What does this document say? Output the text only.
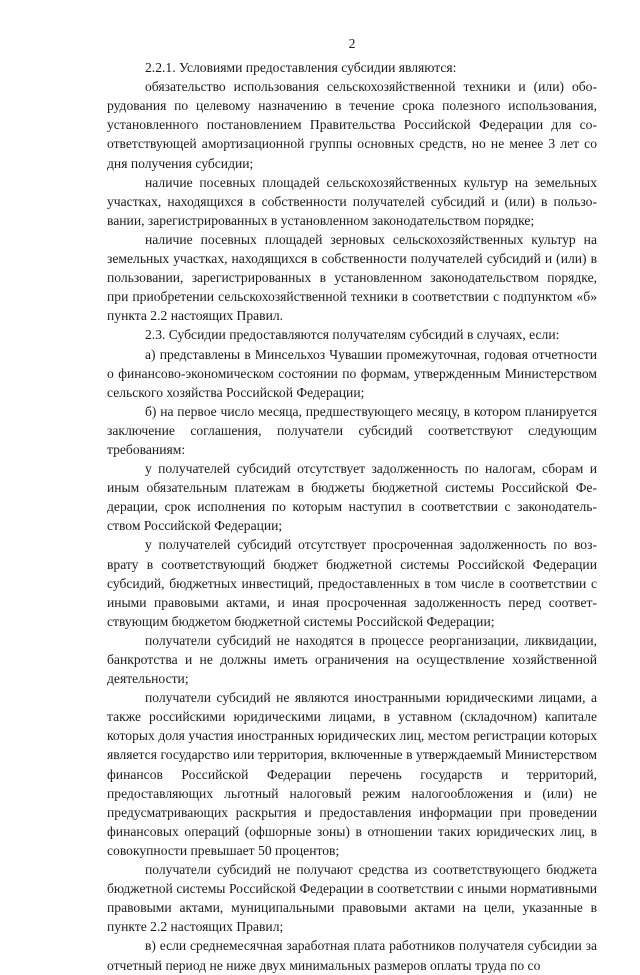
2

2.2.1. Условиями предоставления субсидии являются:

обязательство использования сельскохозяйственной техники и (или) оборудования по целевому назначению в течение срока полезного использования, установленного постановлением Правительства Российской Федерации для соответствующей амортизационной группы основных средств, но не менее 3 лет со дня получения субсидии;

наличие посевных площадей сельскохозяйственных культур на земельных участках, находящихся в собственности получателей субсидий и (или) в пользовании, зарегистрированных в установленном законодательством порядке;

наличие посевных площадей зерновых сельскохозяйственных культур на земельных участках, находящихся в собственности получателей субсидий и (или) в пользовании, зарегистрированных в установленном законодательством порядке, при приобретении сельскохозяйственной техники в соответствии с подпунктом «б» пункта 2.2 настоящих Правил.

2.3. Субсидии предоставляются получателям субсидий в случаях, если:

а) представлены в Минсельхоз Чувашии промежуточная, годовая отчетности о финансово-экономическом состоянии по формам, утвержденным Министерством сельского хозяйства Российской Федерации;

б) на первое число месяца, предшествующего месяцу, в котором планируется заключение соглашения, получатели субсидий соответствуют следующим требованиям:

у получателей субсидий отсутствует задолженность по налогам, сборам и иным обязательным платежам в бюджеты бюджетной системы Российской Федерации, срок исполнения по которым наступил в соответствии с законодательством Российской Федерации;

у получателей субсидий отсутствует просроченная задолженность по возврату в соответствующий бюджет бюджетной системы Российской Федерации субсидий, бюджетных инвестиций, предоставленных в том числе в соответствии с иными правовыми актами, и иная просроченная задолженность перед соответствующим бюджетом бюджетной системы Российской Федерации;

получатели субсидий не находятся в процессе реорганизации, ликвидации, банкротства и не должны иметь ограничения на осуществление хозяйственной деятельности;

получатели субсидий не являются иностранными юридическими лицами, а также российскими юридическими лицами, в уставном (складочном) капитале которых доля участия иностранных юридических лиц, местом регистрации которых является государство или территория, включенные в утверждаемый Министерством финансов Российской Федерации перечень государств и территорий, предоставляющих льготный налоговый режим налогообложения и (или) не предусматривающих раскрытия и предоставления информации при проведении финансовых операций (офшорные зоны) в отношении таких юридических лиц, в совокупности превышает 50 процентов;

получатели субсидий не получают средства из соответствующего бюджета бюджетной системы Российской Федерации в соответствии с иными нормативными правовыми актами, муниципальными правовыми актами на цели, указанные в пункте 2.2 настоящих Правил;

в) если среднемесячная заработная плата работников получателя субсидии за отчетный период не ниже двух минимальных размеров оплаты труда по со
